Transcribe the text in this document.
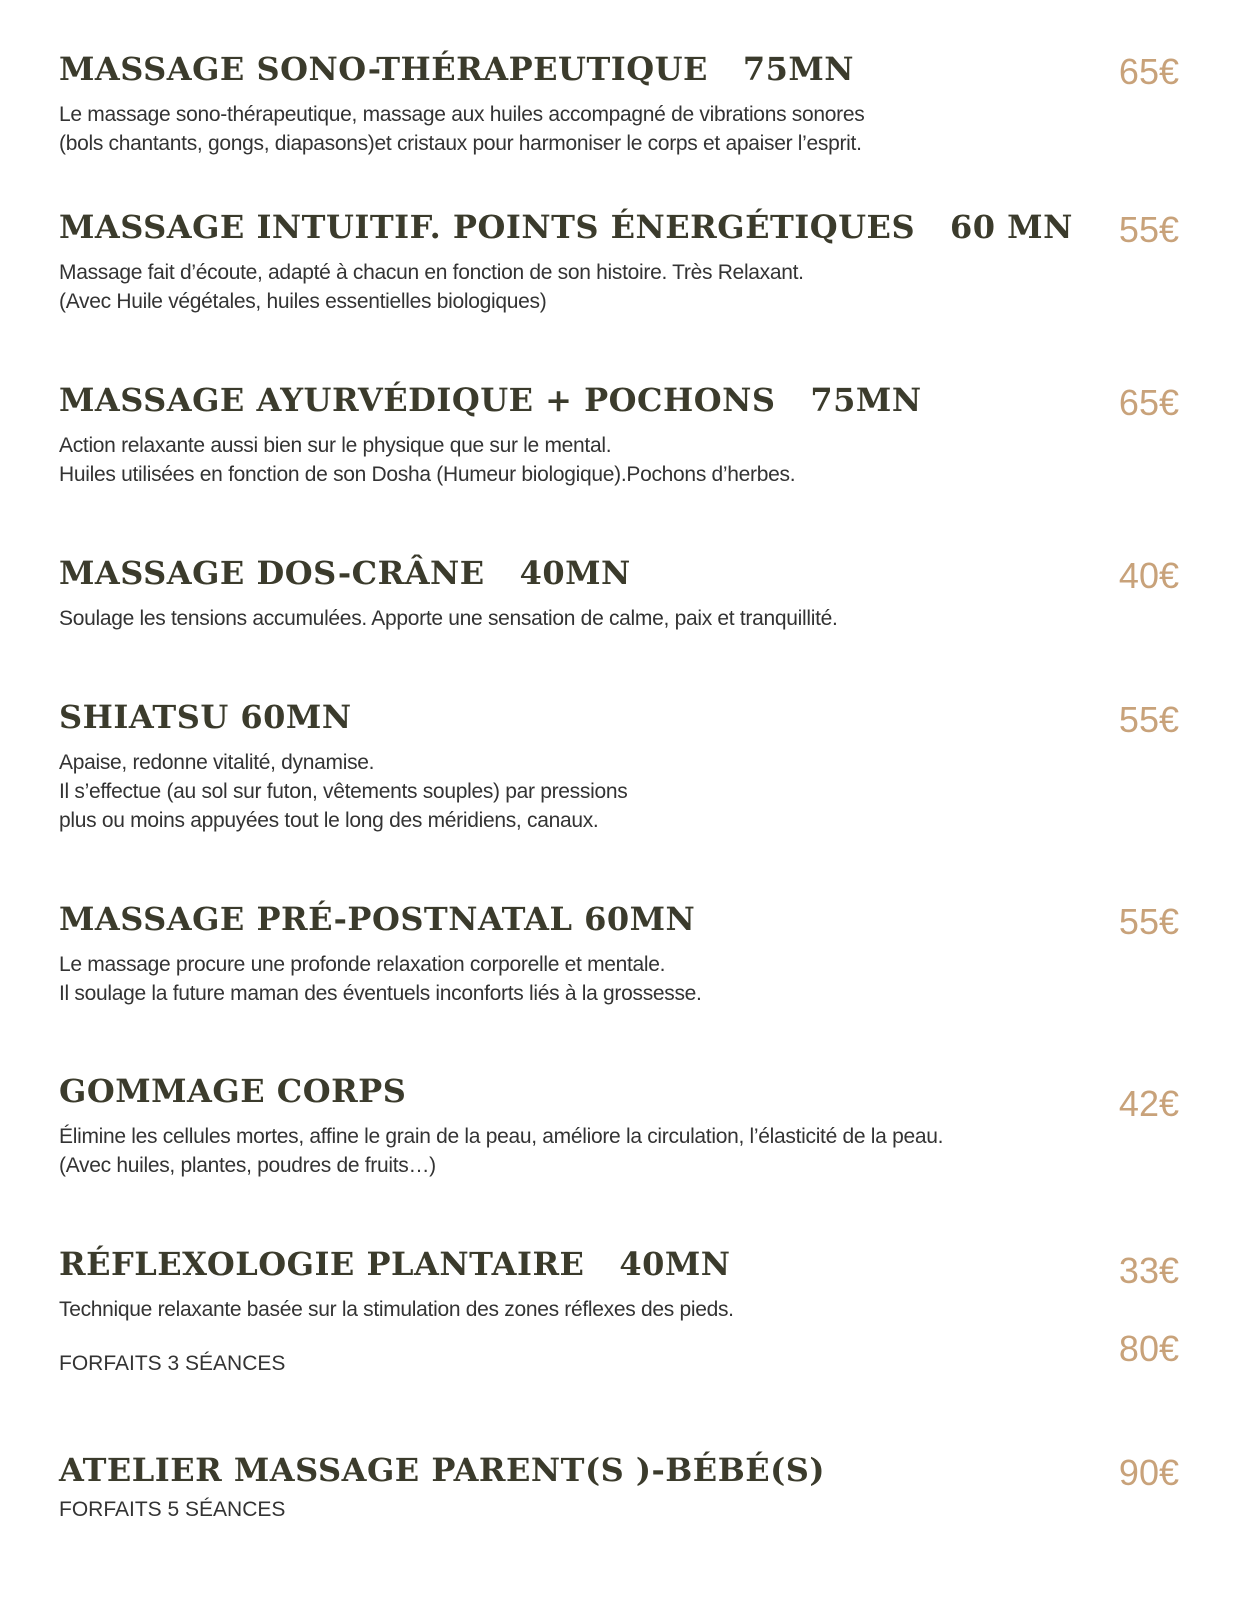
MASSAGE SONO-THÉRAPEUTIQUE   75MN	65€
Le massage sono-thérapeutique, massage aux huiles accompagné de vibrations sonores
(bols chantants, gongs, diapasons)et cristaux pour harmoniser le corps et apaiser l’esprit.
MASSAGE INTUITIF. POINTS ÉNERGÉTIQUES   60 MN 55€
Massage fait d’écoute, adapté à chacun en fonction de son histoire. Très Relaxant.
(Avec Huile végétales, huiles essentielles biologiques)
MASSAGE AYURVÉDIQUE + POCHONS   75MN	65€
Action relaxante aussi bien sur le physique que sur le mental.
Huiles utilisées en fonction de son Dosha (Humeur biologique).Pochons d’herbes.
MASSAGE DOS-CRÂNE   40MN	40€
Soulage les tensions accumulées. Apporte une sensation de calme, paix et tranquillité.
SHIATSU 60MN	55€
Apaise, redonne vitalité, dynamise.
Il s’effectue (au sol sur futon, vêtements souples) par pressions
plus ou moins appuyées tout le long des méridiens, canaux.
MASSAGE PRÉ-POSTNATAL 60MN	55€
Le massage procure une profonde relaxation corporelle et mentale.
Il soulage la future maman des éventuels inconforts liés à la grossesse.
GOMMAGE CORPS	42€
Élimine les cellules mortes, affine le grain de la peau, améliore la circulation, l’élasticité de la peau.
(Avec huiles, plantes, poudres de fruits…)
RÉFLEXOLOGIE PLANTAIRE   40MN	33€
Technique relaxante basée sur la stimulation des zones réflexes des pieds.
FORFAITS 3 SÉANCES	80€
ATELIER MASSAGE PARENT(S )-BÉBÉ(S)	90€
FORFAITS 5 SÉANCES
